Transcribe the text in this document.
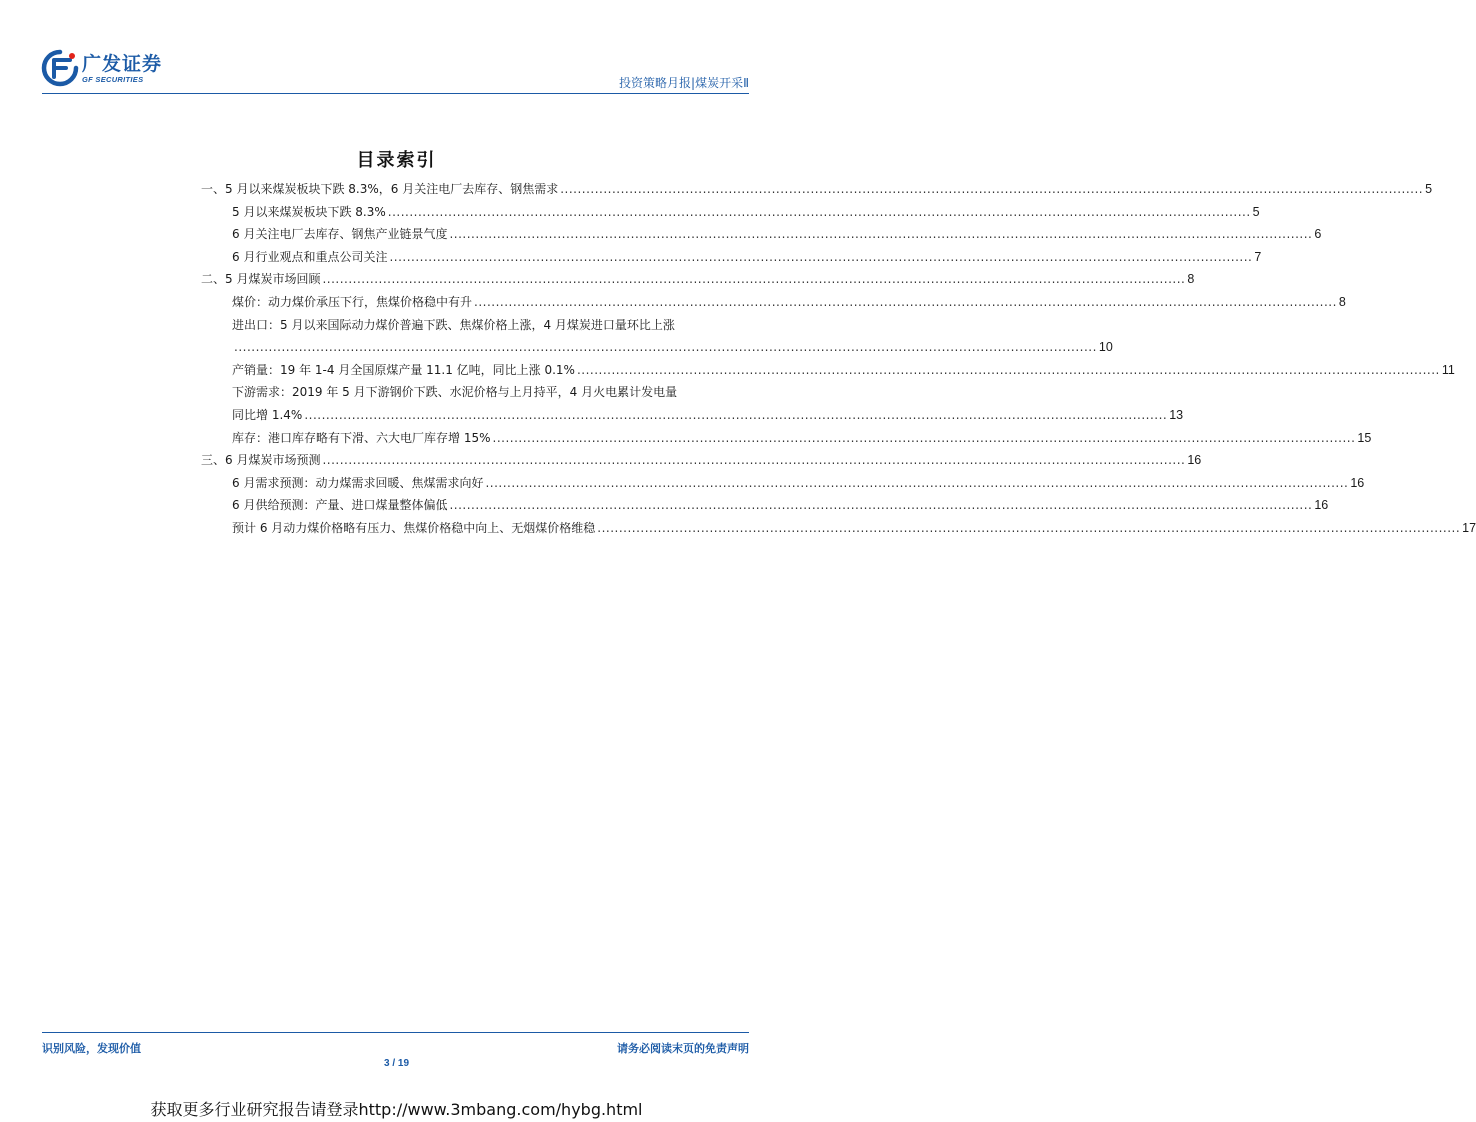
广发证券
GF SECURITIES	投资策略月报|煤炭开采Ⅱ
目录索引
一、5 月以来煤炭板块下跌 8.3%，6 月关注电厂去库存、钢焦需求 ........................................................................................................................................................................................................ 5
5 月以来煤炭板块下跌 8.3% ........................................................................................................................................................................................................ 5
6 月关注电厂去库存、钢焦产业链景气度 ........................................................................................................................................................................................................ 6
6 月行业观点和重点公司关注 ........................................................................................................................................................................................................ 7
二、5 月煤炭市场回顾 ........................................................................................................................................................................................................ 8
煤价：动力煤价承压下行，焦煤价格稳中有升 ........................................................................................................................................................................................................ 8
进出口：5 月以来国际动力煤价普遍下跌、焦煤价格上涨，4 月煤炭进口量环比上涨
........................................................................................................................................................................................................ 10
产销量：19 年 1-4 月全国原煤产量 11.1 亿吨，同比上涨 0.1% ........................................................................................................................................................................................................ 11
下游需求：2019 年 5 月下游钢价下跌、水泥价格与上月持平，4 月火电累计发电量
同比增 1.4% ........................................................................................................................................................................................................ 13
库存：港口库存略有下滑、六大电厂库存增 15% ........................................................................................................................................................................................................ 15
三、6 月煤炭市场预测 ........................................................................................................................................................................................................ 16
6 月需求预测：动力煤需求回暖、焦煤需求向好 ........................................................................................................................................................................................................ 16
6 月供给预测：产量、进口煤量整体偏低 ........................................................................................................................................................................................................ 16
预计 6 月动力煤价格略有压力、焦煤价格稳中向上、无烟煤价格维稳 ........................................................................................................................................................................................................ 17
识别风险，发现价值	请务必阅读末页的免责声明
3 / 19
获取更多行业研究报告请登录http://www.3mbang.com/hybg.html
